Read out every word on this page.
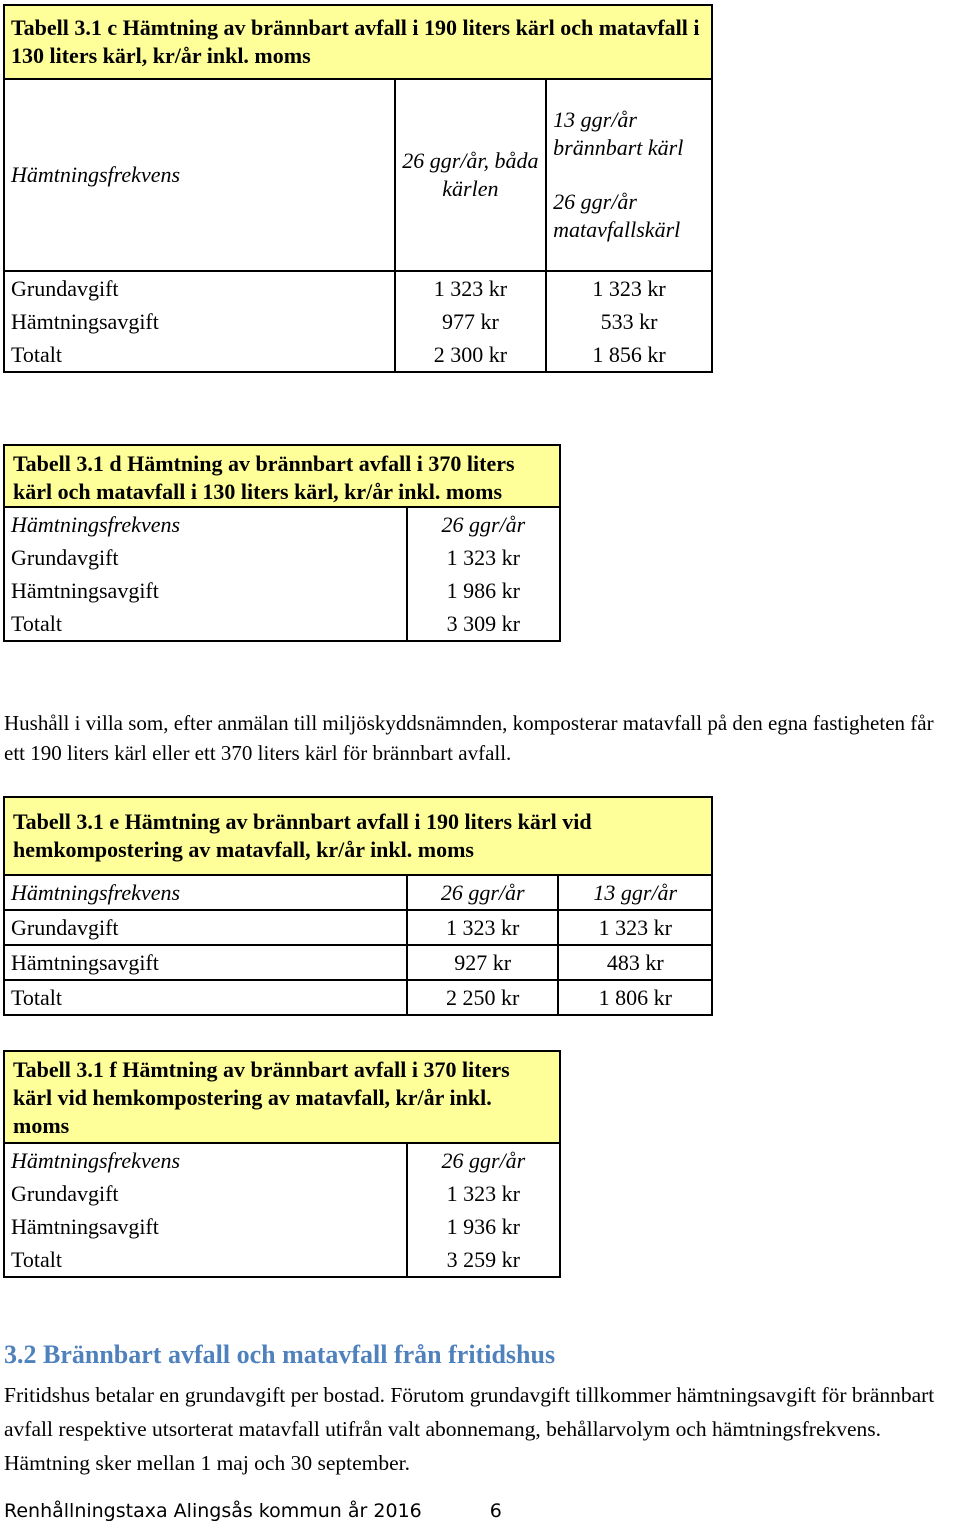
Tabell 3.1 c Hämtning av brännbart avfall i 190 liters kärl och matavfall i 130 liters kärl, kr/år inkl. moms		
Hämtningsfrekvens	26 ggr/år, båda kärlen	13 ggr/år brännbart kärl
26 ggr/år matavfallskärl

Grundavgift	1 323 kr	1 323 kr
Hämtningsavgift	977 kr	533 kr
Totalt	2 300 kr	1 856 kr
Tabell 3.1 d Hämtning av brännbart avfall i 370 liters kärl och matavfall i 130 liters kärl, kr/år inkl. moms	
Hämtningsfrekvens	26 ggr/år
Grundavgift	1 323 kr
Hämtningsavgift	1 986 kr
Totalt	3 309 kr
Hushåll i villa som, efter anmälan till miljöskyddsnämnden, komposterar matavfall på den egna fastigheten får ett 190 liters kärl eller ett 370 liters kärl för brännbart avfall.
Tabell 3.1 e Hämtning av brännbart avfall i 190 liters kärl vid hemkompostering av matavfall, kr/år inkl. moms		
Hämtningsfrekvens	26 ggr/år	13 ggr/år
Grundavgift	1 323 kr	1 323 kr
Hämtningsavgift	927 kr	483 kr
Totalt	2 250 kr	1 806 kr
Tabell 3.1 f Hämtning av brännbart avfall i 370 liters kärl vid hemkompostering av matavfall, kr/år inkl. moms	
Hämtningsfrekvens	26 ggr/år
Grundavgift	1 323 kr
Hämtningsavgift	1 936 kr
Totalt	3 259 kr
3.2 Brännbart avfall och matavfall från fritidshus
Fritidshus betalar en grundavgift per bostad. Förutom grundavgift tillkommer hämtningsavgift för brännbart avfall respektive utsorterat matavfall utifrån valt abonnemang, behållarvolym och hämtningsfrekvens. Hämtning sker mellan 1 maj och 30 september.
Renhållningstaxa Alingsås kommun år 2016	6
